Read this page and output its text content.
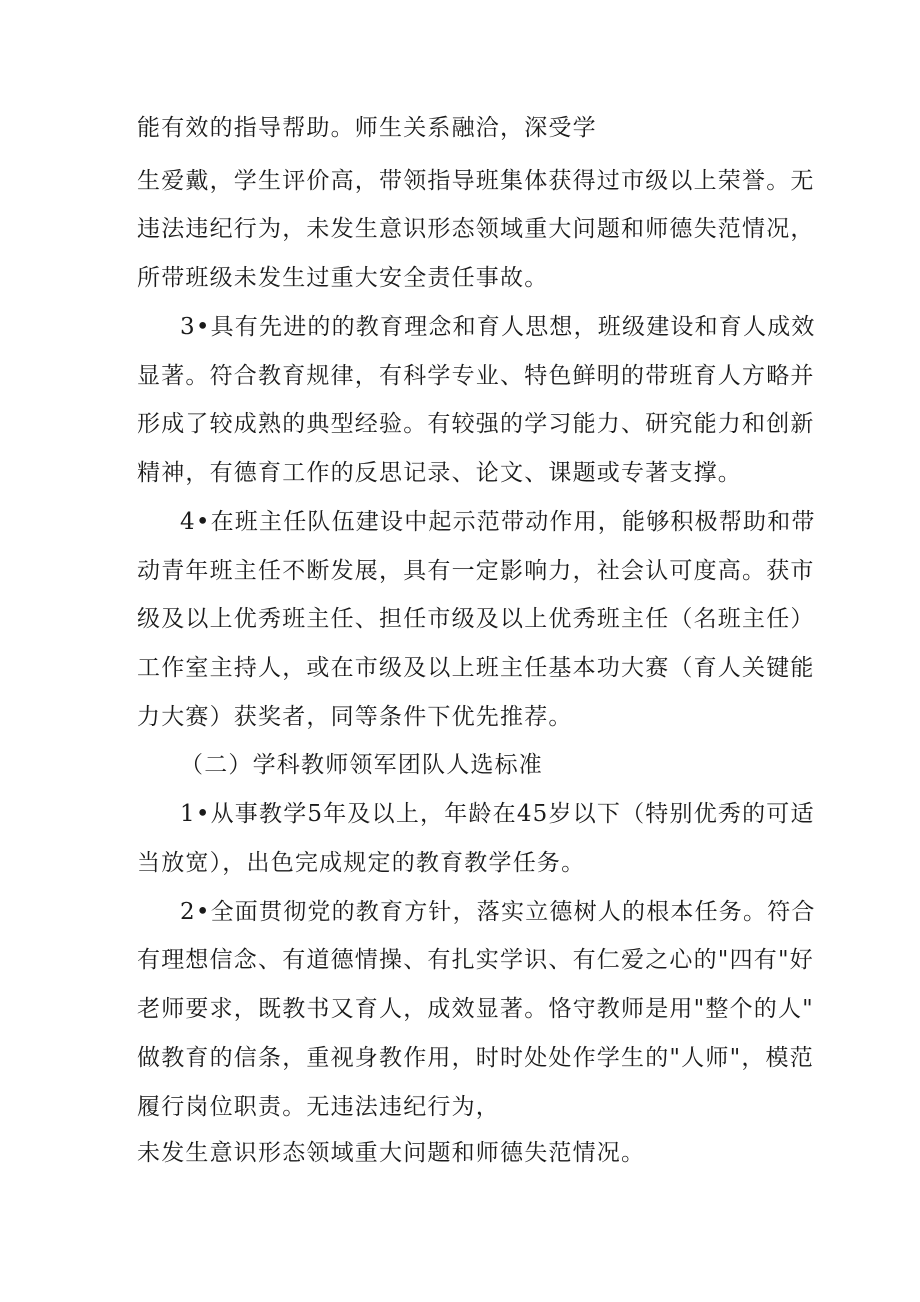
能有效的指导帮助。师生关系融洽，深受学
生爱戴，学生评价高，带领指导班集体获得过市级以上荣誉。无
违法违纪行为，未发生意识形态领域重大问题和师德失范情况，
所带班级未发生过重大安全责任事故。
3•具有先进的的教育理念和育人思想，班级建设和育人成效
显著。符合教育规律，有科学专业、特色鲜明的带班育人方略并
形成了较成熟的典型经验。有较强的学习能力、研究能力和创新
精神，有德育工作的反思记录、论文、课题或专著支撑。
4•在班主任队伍建设中起示范带动作用，能够积极帮助和带
动青年班主任不断发展，具有一定影响力，社会认可度高。获市
级及以上优秀班主任、担任市级及以上优秀班主任（名班主任）
工作室主持人，或在市级及以上班主任基本功大赛（育人关键能
力大赛）获奖者，同等条件下优先推荐。
（二）学科教师领军团队人选标准
1•从事教学5年及以上，年龄在45岁以下（特别优秀的可适
当放宽），出色完成规定的教育教学任务。
2•全面贯彻党的教育方针，落实立德树人的根本任务。符合
有理想信念、有道德情操、有扎实学识、有仁爱之心的"四有"好
老师要求，既教书又育人，成效显著。恪守教师是用"整个的人"
做教育的信条，重视身教作用，时时处处作学生的"人师"，模范
履行岗位职责。无违法违纪行为，
未发生意识形态领域重大问题和师德失范情况。
